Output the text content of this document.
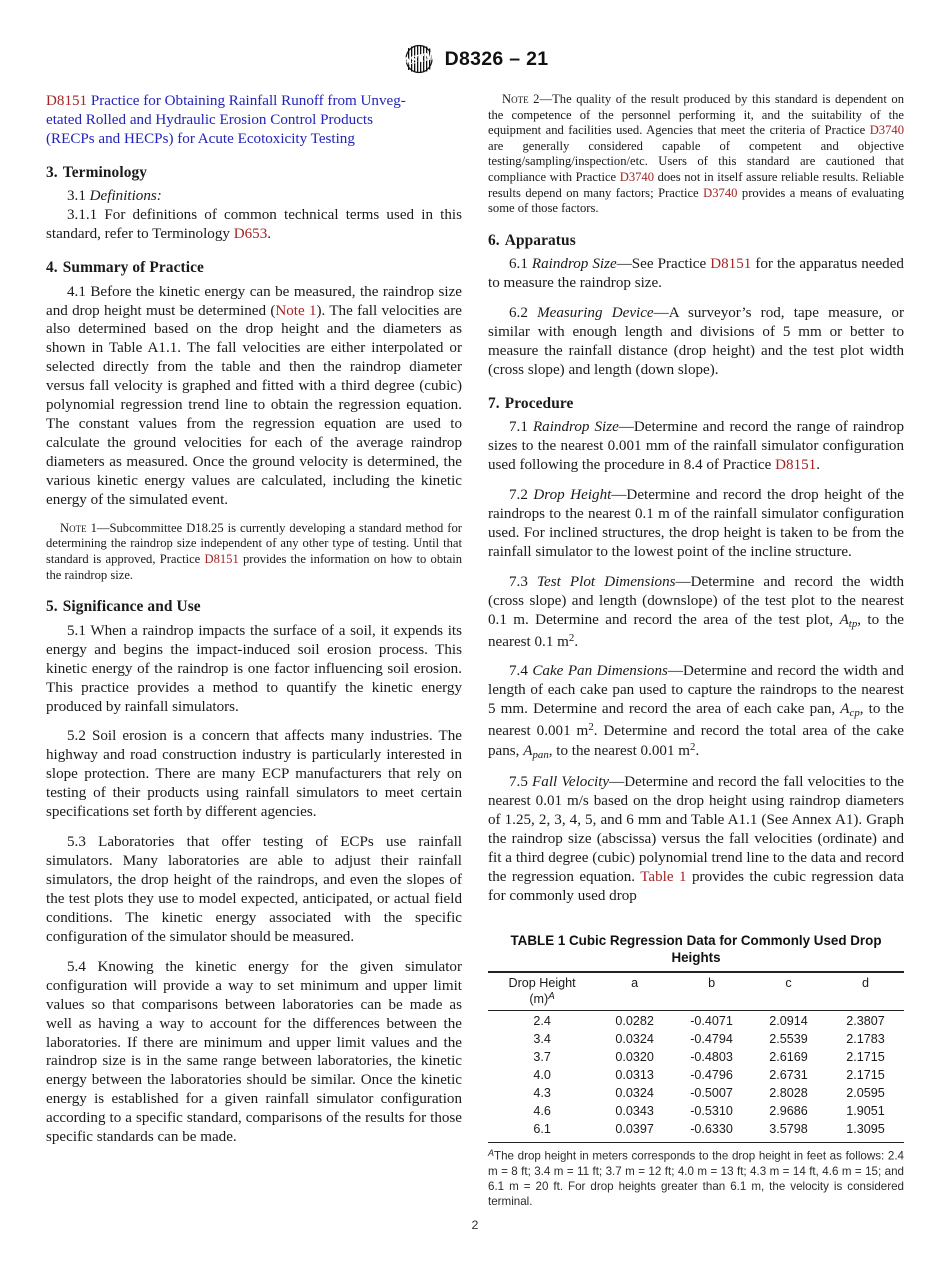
ASTM D8326 – 21
D8151 Practice for Obtaining Rainfall Runoff from Unveg-
etated Rolled and Hydraulic Erosion Control Products
(RECPs and HECPs) for Acute Ecotoxicity Testing
3. Terminology

3.1 Definitions:

3.1.1 For definitions of common technical terms used in this standard, refer to Terminology D653.

4. Summary of Practice

4.1 Before the kinetic energy can be measured, the raindrop size and drop height must be determined (Note 1). The fall velocities are also determined based on the drop height and the diameters as shown in Table A1.1. The fall velocities are either interpolated or selected directly from the table and then the raindrop diameter versus fall velocity is graphed and fitted with a third degree (cubic) polynomial regression trend line to obtain the regression equation. The constant values from the regression equation are used to calculate the ground velocities for each of the average raindrop diameters as measured. Once the ground velocity is determined, the various kinetic energy values are calculated, including the kinetic energy of the simulated event.

Note 1—Subcommittee D18.25 is currently developing a standard method for determining the raindrop size independent of any other type of testing. Until that standard is approved, Practice D8151 provides the information on how to obtain the raindrop size.

5. Significance and Use

5.1 When a raindrop impacts the surface of a soil, it expends its energy and begins the impact-induced soil erosion process. This kinetic energy of the raindrop is one factor influencing soil erosion. This practice provides a method to quantify the kinetic energy produced by rainfall simulators.

5.2 Soil erosion is a concern that affects many industries. The highway and road construction industry is particularly interested in slope protection. There are many ECP manufacturers that rely on testing of their products using rainfall simulators to meet certain specifications set forth by different agencies.

5.3 Laboratories that offer testing of ECPs use rainfall simulators. Many laboratories are able to adjust their rainfall simulators, the drop height of the raindrops, and even the slopes of the test plots they use to model expected, anticipated, or actual field conditions. The kinetic energy associated with the specific configuration of the simulator should be measured.

5.4 Knowing the kinetic energy for the given simulator configuration will provide a way to set minimum and upper limit values so that comparisons between laboratories can be made as well as having a way to account for the differences between the laboratories. If there are minimum and upper limit values and the raindrop size is in the same range between laboratories, the kinetic energy between the laboratories should be similar. Once the kinetic energy is established for a given rainfall simulator configuration according to a specific standard, comparisons of the results for those specific standards can be made.

Note 2—The quality of the result produced by this standard is dependent on the competence of the personnel performing it, and the suitability of the equipment and facilities used. Agencies that meet the criteria of Practice D3740 are generally considered capable of competent and objective testing/sampling/inspection/etc. Users of this standard are cautioned that compliance with Practice D3740 does not in itself assure reliable results. Reliable results depend on many factors; Practice D3740 provides a means of evaluating some of those factors.

6. Apparatus

6.1 Raindrop Size—See Practice D8151 for the apparatus needed to measure the raindrop size.

6.2 Measuring Device—A surveyor’s rod, tape measure, or similar with enough length and divisions of 5 mm or better to measure the rainfall distance (drop height) and the test plot width (cross slope) and length (down slope).

7. Procedure

7.1 Raindrop Size—Determine and record the range of raindrop sizes to the nearest 0.001 mm of the rainfall simulator configuration used following the procedure in 8.4 of Practice D8151.

7.2 Drop Height—Determine and record the drop height of the raindrops to the nearest 0.1 m of the rainfall simulator configuration used. For inclined structures, the drop height is taken to be from the rainfall simulator to the lowest point of the incline structure.

7.3 Test Plot Dimensions—Determine and record the width (cross slope) and length (downslope) of the test plot to the nearest 0.1 m. Determine and record the area of the test plot, $A_{tp}$, to the nearest 0.1 $m^2$.

7.4 Cake Pan Dimensions—Determine and record the width and length of each cake pan used to capture the raindrops to the nearest 5 mm. Determine and record the area of each cake pan, $A_{cp}$, to the nearest 0.001 $m^2$. Determine and record the total area of the cake pans, $A_{pan}$, to the nearest 0.001 $m^2$.

7.5 Fall Velocity—Determine and record the fall velocities to the nearest 0.01 m/s based on the drop height using raindrop diameters of 1.25, 2, 3, 4, 5, and 6 mm and Table A1.1 (See Annex A1). Graph the raindrop size (abscissa) versus the fall velocities (ordinate) and fit a third degree (cubic) polynomial trend line to the data and record the regression equation. Table 1 provides the cubic regression data for commonly used drop

TABLE 1 Cubic Regression Data for Commonly Used Drop Heights
Drop Height
(m)$^A$	a	b	c	d
2.4	0.0282	-0.4071	2.0914	2.3807
3.4	0.0324	-0.4794	2.5539	2.1783
3.7	0.0320	-0.4803	2.6169	2.1715
4.0	0.0313	-0.4796	2.6731	2.1715
4.3	0.0324	-0.5007	2.8028	2.0595
4.6	0.0343	-0.5310	2.9686	1.9051
6.1	0.0397	-0.6330	3.5798	1.3095

$^A$The drop height in meters corresponds to the drop height in feet as follows: 2.4 m = 8 ft; 3.4 m = 11 ft; 3.7 m = 12 ft; 4.0 m = 13 ft; 4.3 m = 14 ft, 4.6 m = 15; and 6.1 m = 20 ft. For drop heights greater than 6.1 m, the velocity is considered terminal.

2
